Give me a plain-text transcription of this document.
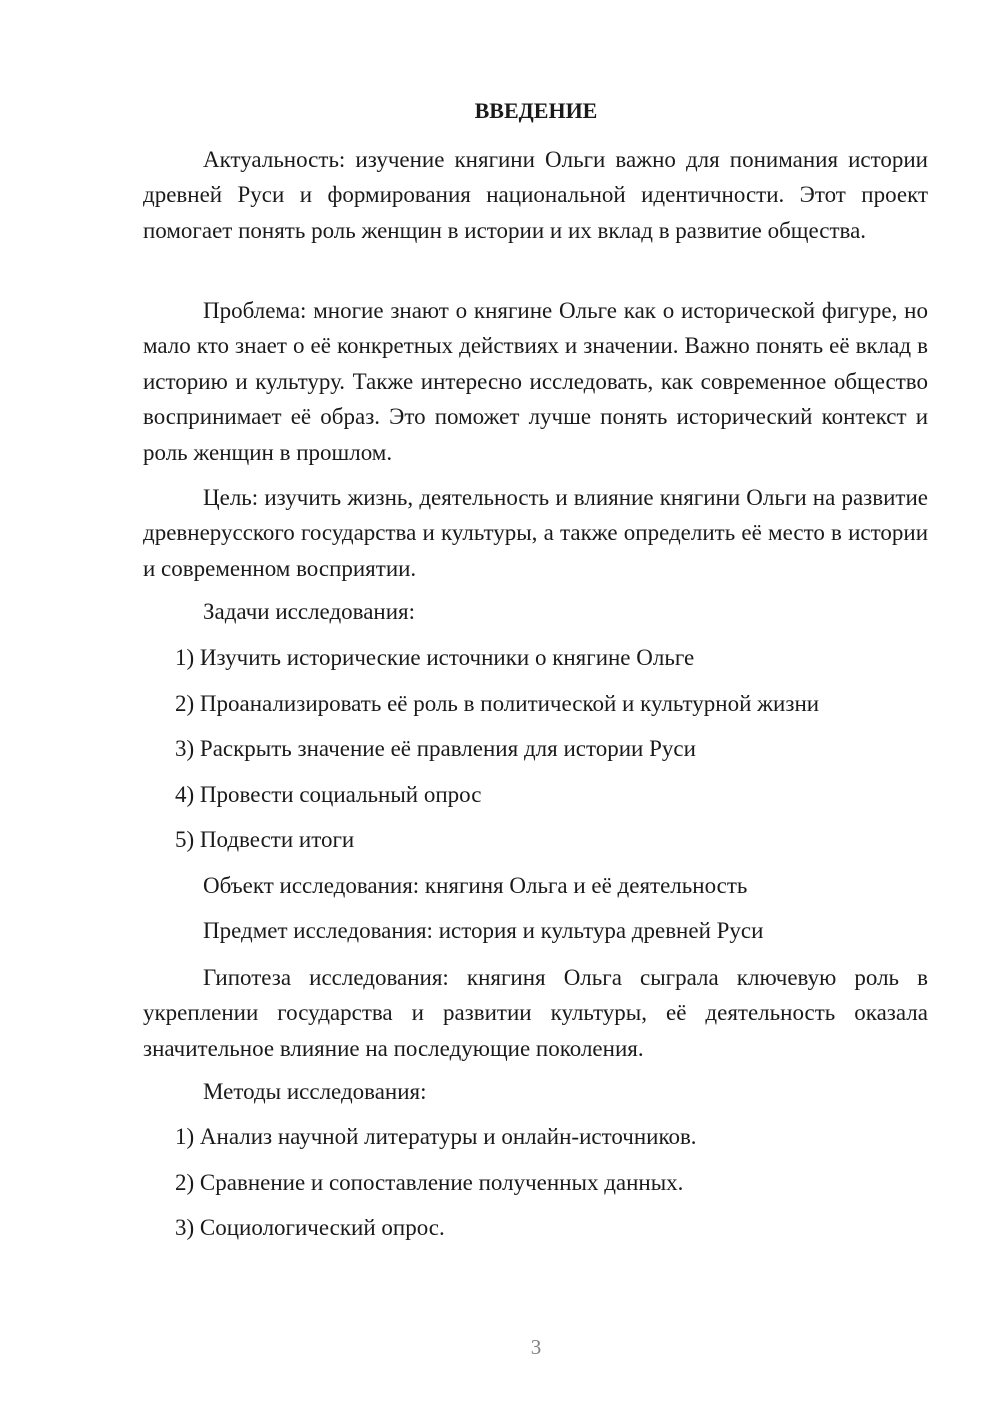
ВВЕДЕНИЕ
Актуальность: изучение княгини Ольги важно для понимания истории древней Руси и формирования национальной идентичности. Этот проект помогает понять роль женщин в истории и их вклад в развитие общества.
Проблема: многие знают о княгине Ольге как о исторической фигуре, но мало кто знает о её конкретных действиях и значении. Важно понять её вклад в историю и культуру. Также интересно исследовать, как современное общество воспринимает её образ. Это поможет лучше понять исторический контекст и роль женщин в прошлом.
Цель: изучить жизнь, деятельность и влияние княгини Ольги на развитие древнерусского государства и культуры, а также определить её место в истории и современном восприятии.
Задачи исследования:
1) Изучить исторические источники о княгине Ольге
2) Проанализировать её роль в политической и культурной жизни
3) Раскрыть значение её правления для истории Руси
4) Провести социальный опрос
5) Подвести итоги
Объект исследования: княгиня Ольга и её деятельность
Предмет исследования: история и культура древней Руси
Гипотеза исследования: княгиня Ольга сыграла ключевую роль в укреплении государства и развитии культуры, её деятельность оказала значительное влияние на последующие поколения.
Методы исследования:
1) Анализ научной литературы и онлайн-источников.
2) Сравнение и сопоставление полученных данных.
3) Социологический опрос.
3
